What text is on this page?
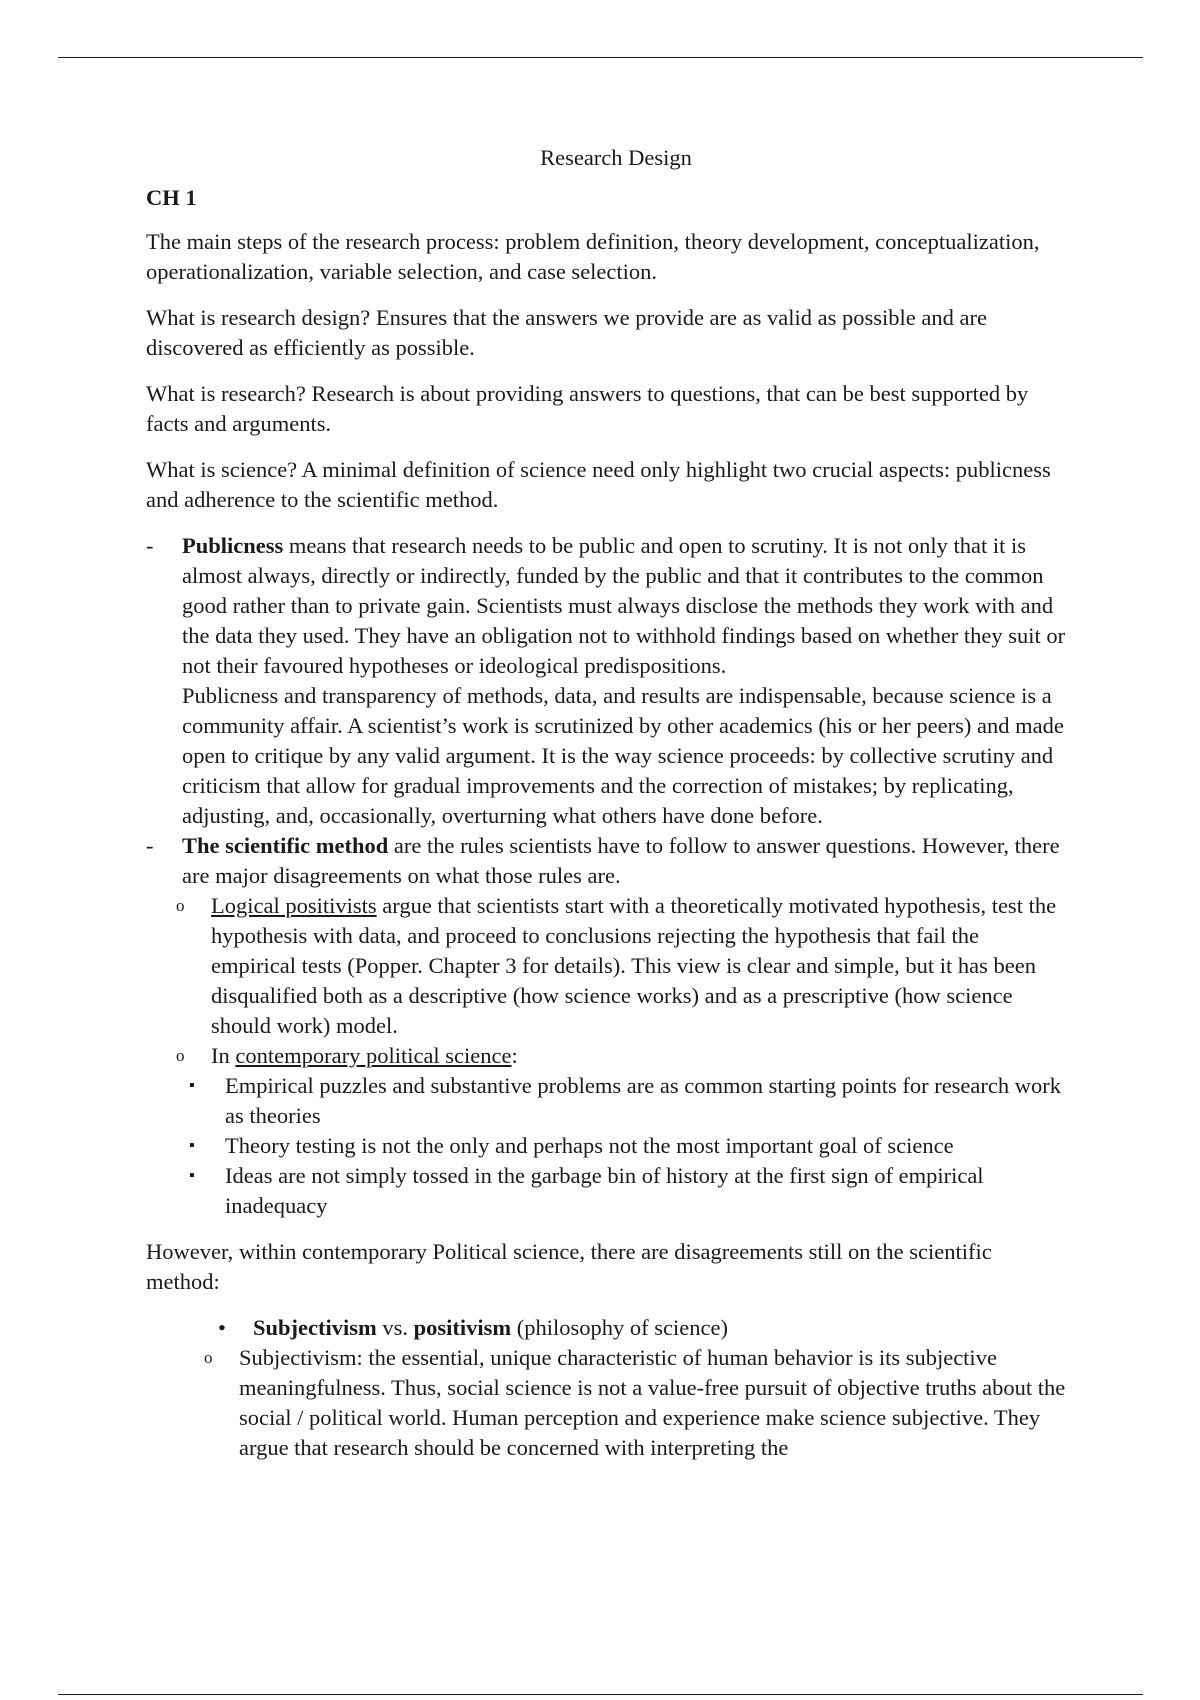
Research Design
CH 1

The main steps of the research process: problem definition, theory development, conceptualization, operationalization, variable selection, and case selection.

What is research design? Ensures that the answers we provide are as valid as possible and are discovered as efficiently as possible.

What is research? Research is about providing answers to questions, that can be best supported by facts and arguments.

What is science? A minimal definition of science need only highlight two crucial aspects: publicness and adherence to the scientific method.

- Publicness means that research needs to be public and open to scrutiny. It is not only that it is almost always, directly or indirectly, funded by the public and that it contributes to the common good rather than to private gain. Scientists must always disclose the methods they work with and the data they used. They have an obligation not to withhold findings based on whether they suit or not their favoured hypotheses or ideological predispositions.
Publicness and transparency of methods, data, and results are indispensable, because science is a community affair. A scientist’s work is scrutinized by other academics (his or her peers) and made open to critique by any valid argument. It is the way science proceeds: by collective scrutiny and criticism that allow for gradual improvements and the correction of mistakes; by replicating, adjusting, and, occasionally, overturning what others have done before.
- The scientific method are the rules scientists have to follow to answer questions. However, there are major disagreements on what those rules are.
o Logical positivists argue that scientists start with a theoretically motivated hypothesis, test the hypothesis with data, and proceed to conclusions rejecting the hypothesis that fail the empirical tests (Popper. Chapter 3 for details). This view is clear and simple, but it has been disqualified both as a descriptive (how science works) and as a prescriptive (how science should work) model.
o In contemporary political science:
▪ Empirical puzzles and substantive problems are as common starting points for research work as theories
▪ Theory testing is not the only and perhaps not the most important goal of science
▪ Ideas are not simply tossed in the garbage bin of history at the first sign of empirical inadequacy

However, within contemporary Political science, there are disagreements still on the scientific method:

• Subjectivism vs. positivism (philosophy of science)
o Subjectivism: the essential, unique characteristic of human behavior is its subjective meaningfulness. Thus, social science is not a value-free pursuit of objective truths about the social / political world. Human perception and experience make science subjective. They argue that research should be concerned with interpreting the
